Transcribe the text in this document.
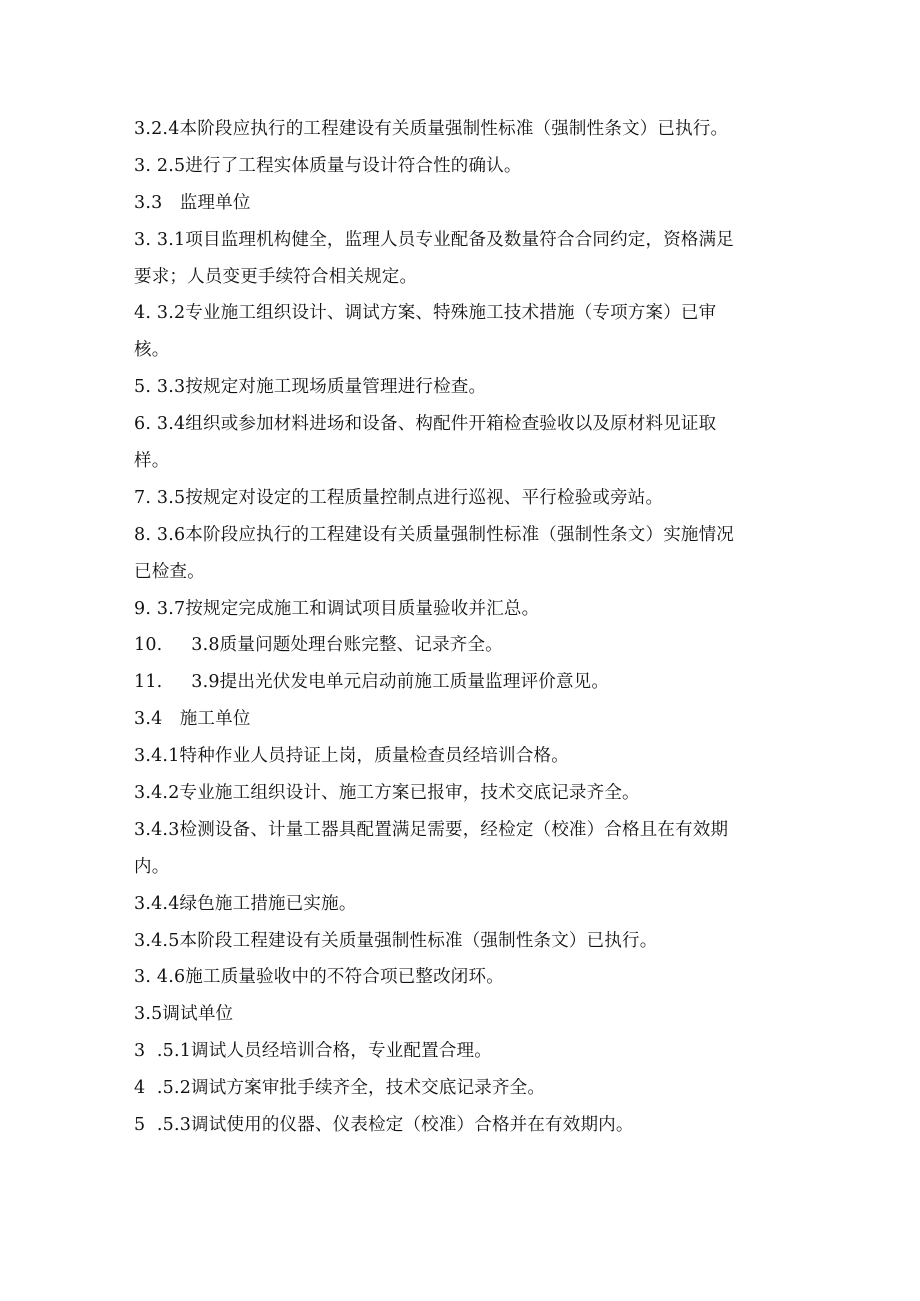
3.2.4本阶段应执行的工程建设有关质量强制性标准（强制性条文）已执行。
3. 2.5进行了工程实体质量与设计符合性的确认。
3.3   监理单位
3. 3.1项目监理机构健全，监理人员专业配备及数量符合合同约定，资格满足
要求；人员变更手续符合相关规定。
4. 3.2专业施工组织设计、调试方案、特殊施工技术措施（专项方案）已审
核。
5. 3.3按规定对施工现场质量管理进行检查。
6. 3.4组织或参加材料进场和设备、构配件开箱检查验收以及原材料见证取
样。
7. 3.5按规定对设定的工程质量控制点进行巡视、平行检验或旁站。
8. 3.6本阶段应执行的工程建设有关质量强制性标准（强制性条文）实施情况
已检查。
9. 3.7按规定完成施工和调试项目质量验收并汇总。
10.     3.8质量问题处理台账完整、记录齐全。
11.     3.9提出光伏发电单元启动前施工质量监理评价意见。
3.4   施工单位
3.4.1特种作业人员持证上岗，质量检查员经培训合格。
3.4.2专业施工组织设计、施工方案已报审，技术交底记录齐全。
3.4.3检测设备、计量工器具配置满足需要，经检定（校准）合格且在有效期
内。
3.4.4绿色施工措施已实施。
3.4.5本阶段工程建设有关质量强制性标准（强制性条文）已执行。
3. 4.6施工质量验收中的不符合项已整改闭环。
3.5调试单位
3  .5.1调试人员经培训合格，专业配置合理。
4  .5.2调试方案审批手续齐全，技术交底记录齐全。
5  .5.3调试使用的仪器、仪表检定（校准）合格并在有效期内。
